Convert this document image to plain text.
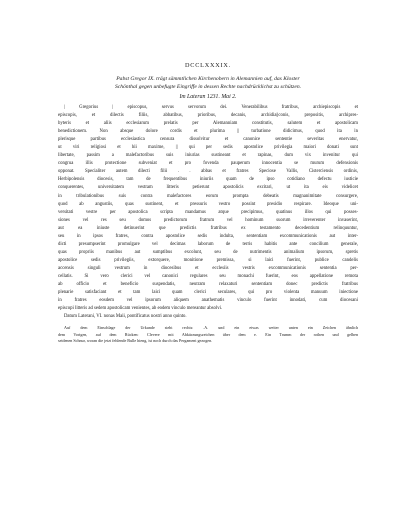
DCCLXXXIX.
Pabst Gregor IX. trägt sämmtlichen Kirchenobern in Alemannien auf, das Kloster
Schönthal gegen unbefugte Eingriffe in dessen Rechte nachdrücklichst zu schützen.
Im Lateran 1231. Mai 2.
| Gregorius | episcopus, servus servorum dei. Venerabilibus fratribus, archiepiscopis et
episcopis, et dilectis filiis, abbatibus, prioribus, decanis, archidia||conis, prepositis, archipres-
byteris et aliis ecclesiarum prelatis per Alemanniam constitutis, salutem et apostolicam
benedictionem. Non absque dolore cordis et plurima || turbatione didicimus, quod ita in
plerisque partibus ecclesiastica censura dissolvitur et canonice sententie severitas enervatur,
ut viri religiosi et hii maxime, || qui per sedis apostolice privilegia maiori donati sunt
libertate, passim a malefactoribus suis iniurias sustineant et rapinas, dum vix invenitur qui
congrua illis protectione subveniat et pro fovenda pauperum innocentia se murum defensionis
opponat. Specialiter autem dilecti filii . . abbas et fratres Speciose Vallis, Cisterciensis ordinis,
Herbipolensis diocesis, tam de frequentibus iniuriis quam de ipso cotidiano defectu iusticie
conquerentes, universitatem vestram litteris petierunt apostolicis excitari, ut ita eis videlicet
in tribulationibus suis contra malefactores eorum prompta debeatis magnanimitate consurgere,
quod ab angustiis, quas sustinent, et pressuris vestro possint presidio respirare. Ideoque uni-
versitati vestre per apostolica scripta mandamus atque precipimus, quatinus illos qui posses-
siones vel res seu domos predictorum fratrum vel hominum suorum irreverenter invaserint,
aut ea iniuste detinuerint que predictis fratribus ex testamento decedentium relinquuntur,
seu in ipsos fratres, contra apostolice sedis indulta, sententiam excommunicationis aut inter-
dicti presumpserint promulgare vel decimas laborum de terris habitis ante concilium generale,
quas propriis manibus aut sumptibus excolunt, seu de nutrimentis animalium ipsorum, spretis
apostolice sedis privilegiis, extorquere, monitione premissa, si laici fuerint, publice candelis
accensis singuli vestrum in diocesibus et ecclesiis vestris excommunicationis sententia per-
cellatis. Si vero clerici vel canonici regulares seu monachi fuerint, eos appellatione remota
ab officio et beneficio suspendatis, neutram relaxaturi sententiam donec predictis fratribus
plenarie satisfaciant et tam laici quam clerici seculares, qui pro violenta manuum iniectione
in fratres eosdem vel ipsorum aliquem anathematis vinculo fuerint innodati, cum diocesani
episcopi litteris ad sedem apostolicam venientes, ab eodem vinculo mereantur absolvi.

Datum Laterani, VI. nonas Maii, pontificatus nostri anno quinto.

Auf dem Einschlage der Urkunde steht rechts: .A. und ein etwas weiter unten ein Zeichen ähnlich
dem Vorigen, auf dem Rücken: Clevere mit Abkürzungszeichen über dem e. Ein Trumm der rothen und gelben
seidenen Schnur, woran die jetzt fehlende Bulle hieng, ist noch durch das Pergament gezogen.
